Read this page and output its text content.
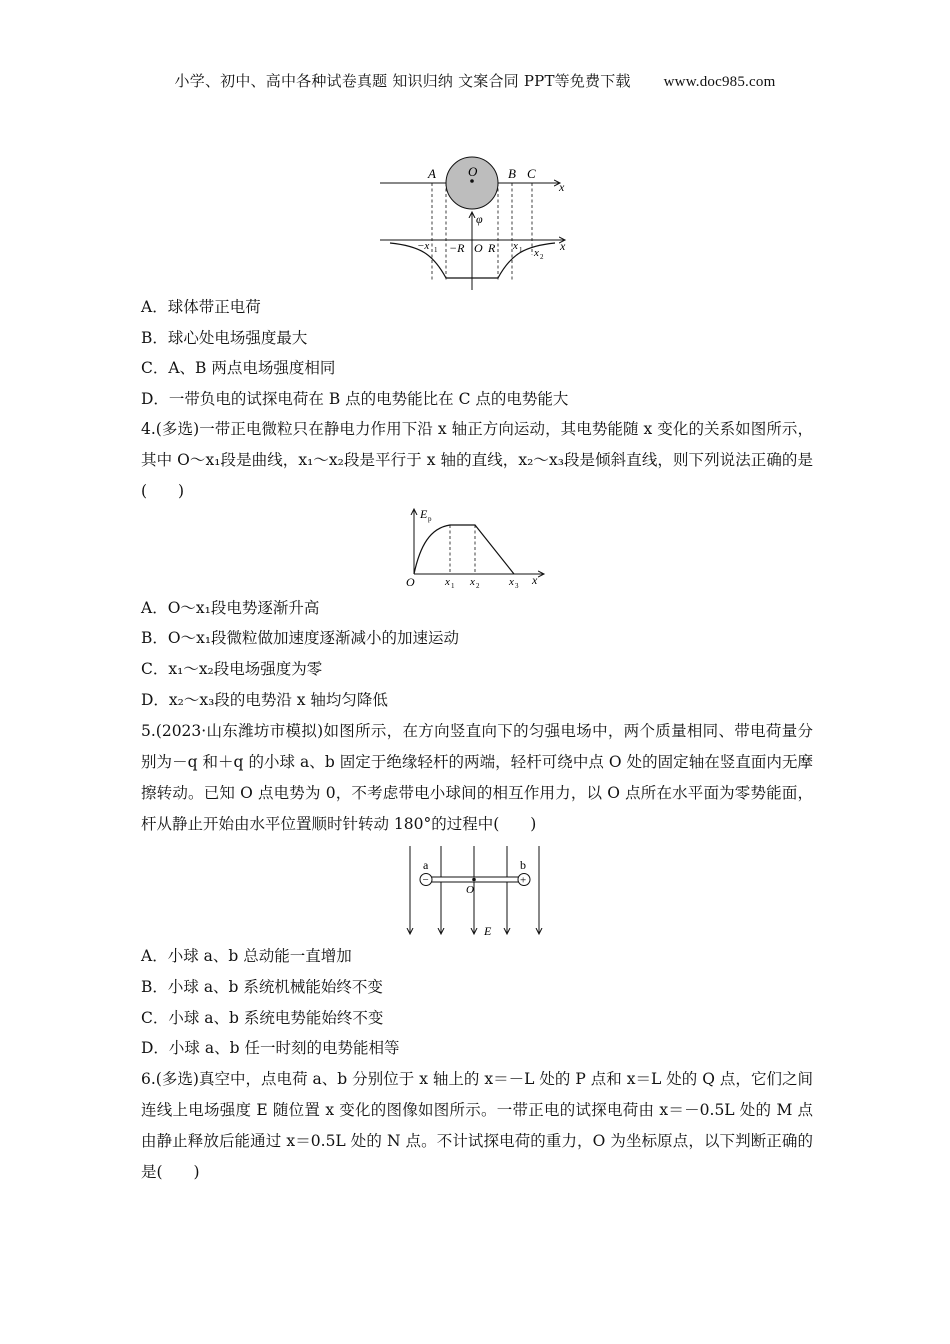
小学、初中、高中各种试卷真题 知识归纳 文案合同 PPT等免费下载 www.doc985.com
A O B C
x
φ
−x 1 −R O R x 1 x 2
x
A．球体带正电荷
B．球心处电场强度最大
C．A、B 两点电场强度相同
D．一带负电的试探电荷在 B 点的电势能比在 C 点的电势能大
4.(多选)一带正电微粒只在静电力作用下沿 x 轴正方向运动，其电势能随 x 变化的关系如图所示，其中 O～x₁段是曲线，x₁～x₂段是平行于 x 轴的直线，x₂～x₃段是倾斜直线，则下列说法正确的是(　　)
E p
O	x 1 x 2	x 3 x
A．O～x₁段电势逐渐升高
B．O～x₁段微粒做加速度逐渐减小的加速运动
C．x₁～x₂段电场强度为零
D．x₂～x₃段的电势沿 x 轴均匀降低
5.(2023·山东潍坊市模拟)如图所示，在方向竖直向下的匀强电场中，两个质量相同、带电荷量分别为－q 和＋q 的小球 a、b 固定于绝缘轻杆的两端，轻杆可绕中点 O 处的固定轴在竖直面内无摩擦转动。已知 O 点电势为 0，不考虑带电小球间的相互作用力，以 O 点所在水平面为零势能面，杆从静止开始由水平位置顺时针转动 180°的过程中(　　)
−	+
a	b
O
E
A．小球 a、b 总动能一直增加
B．小球 a、b 系统机械能始终不变
C．小球 a、b 系统电势能始终不变
D．小球 a、b 任一时刻的电势能相等
6.(多选)真空中，点电荷 a、b 分别位于 x 轴上的 x＝－L 处的 P 点和 x＝L 处的 Q 点，它们之间连线上电场强度 E 随位置 x 变化的图像如图所示。一带正电的试探电荷由 x＝－0.5L 处的 M 点由静止释放后能通过 x＝0.5L 处的 N 点。不计试探电荷的重力，O 为坐标原点，以下判断正确的是(　　)
